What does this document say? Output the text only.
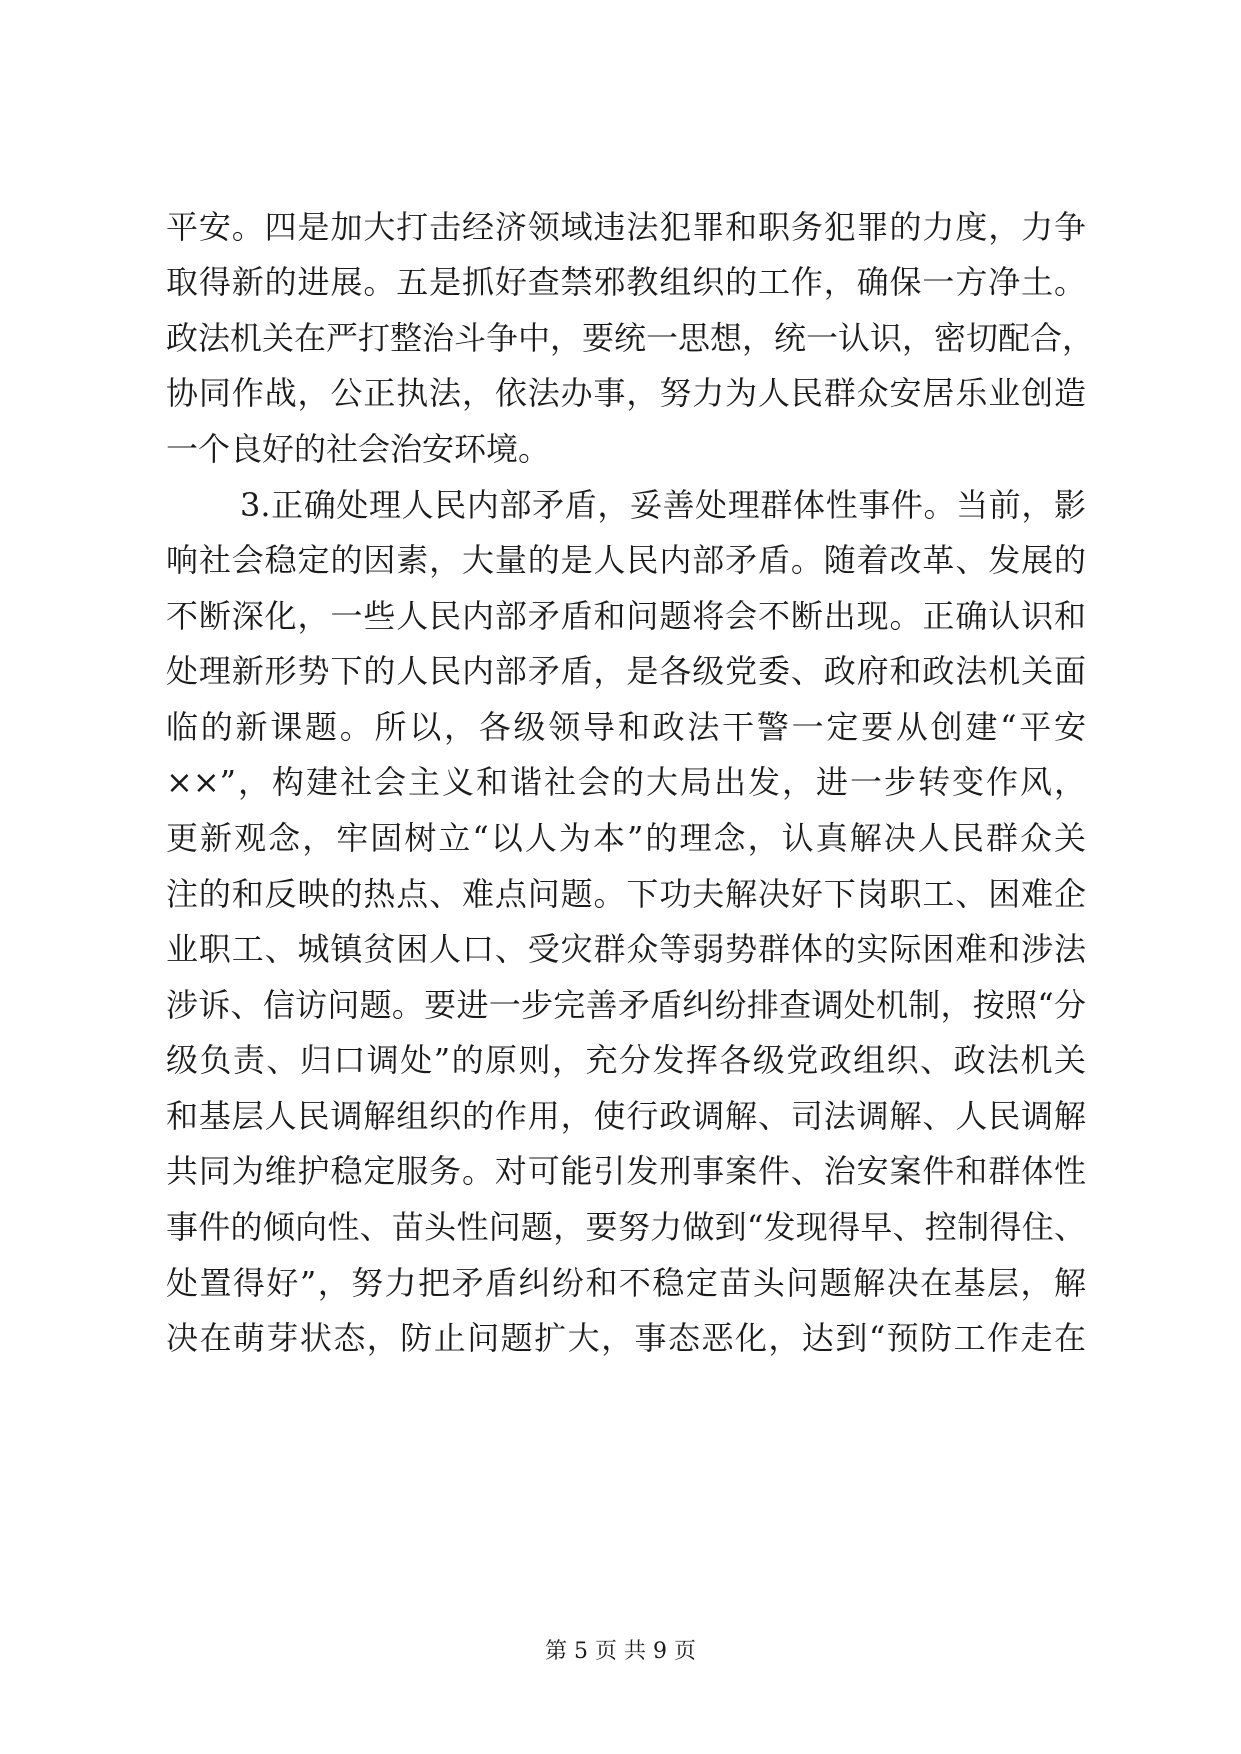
平安。四是加大打击经济领域违法犯罪和职务犯罪的力度，力争
取得新的进展。五是抓好查禁邪教组织的工作，确保一方净土。
政法机关在严打整治斗争中，要统一思想，统一认识，密切配合，
协同作战，公正执法，依法办事，努力为人民群众安居乐业创造
一个良好的社会治安环境。
3.正确处理人民内部矛盾，妥善处理群体性事件。当前，影
响社会稳定的因素，大量的是人民内部矛盾。随着改革、发展的
不断深化，一些人民内部矛盾和问题将会不断出现。正确认识和
处理新形势下的人民内部矛盾，是各级党委、政府和政法机关面
临的新课题。所以，各级领导和政法干警一定要从创建“平安
××”，构建社会主义和谐社会的大局出发，进一步转变作风，
更新观念，牢固树立“以人为本”的理念，认真解决人民群众关
注的和反映的热点、难点问题。下功夫解决好下岗职工、困难企
业职工、城镇贫困人口、受灾群众等弱势群体的实际困难和涉法
涉诉、信访问题。要进一步完善矛盾纠纷排查调处机制，按照“分
级负责、归口调处”的原则，充分发挥各级党政组织、政法机关
和基层人民调解组织的作用，使行政调解、司法调解、人民调解
共同为维护稳定服务。对可能引发刑事案件、治安案件和群体性
事件的倾向性、苗头性问题，要努力做到“发现得早、控制得住、
处置得好”，努力把矛盾纠纷和不稳定苗头问题解决在基层，解
决在萌芽状态，防止问题扩大，事态恶化，达到“预防工作走在
第 5 页 共 9 页
